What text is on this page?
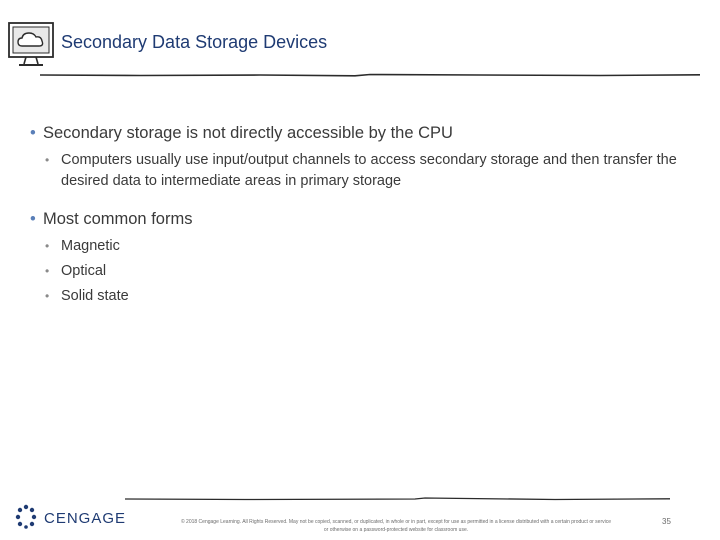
Secondary Data Storage Devices
• Secondary storage is not directly accessible by the CPU
• Computers usually use input/output channels to access secondary storage and then transfer the desired data to intermediate areas in primary storage
• Most common forms
• Magnetic
• Optical
• Solid state
CENGAGE	© 2018 Cengage Learning. All Rights Reserved. May not be copied, scanned, or duplicated, in whole or in part, except for use as permitted in a license distributed with a certain product or service
or otherwise on a password-protected website for classroom use.
35
